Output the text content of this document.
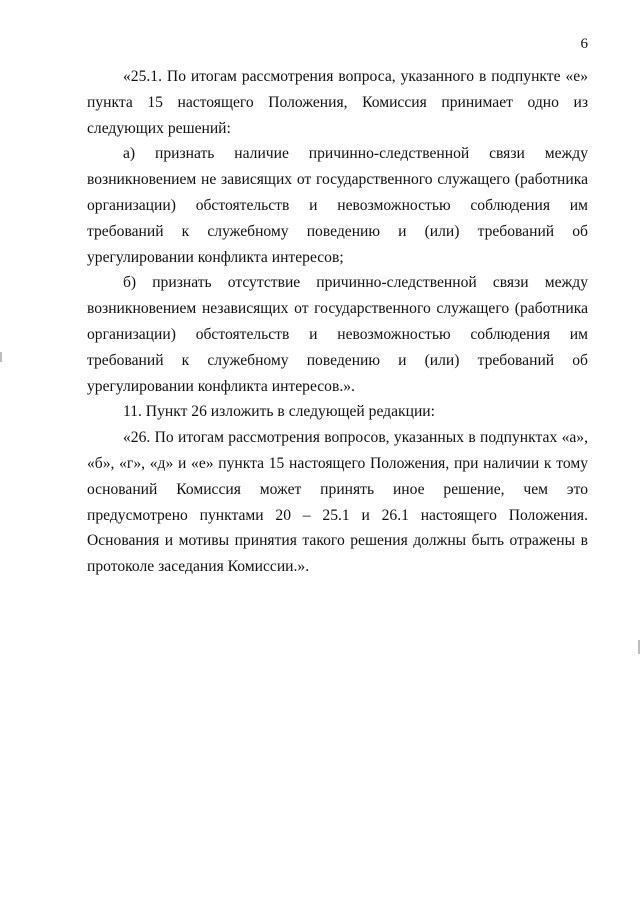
6

«25.1. По итогам рассмотрения вопроса, указанного в подпункте «е» пункта 15 настоящего Положения, Комиссия принимает одно из следующих решений:

а) признать наличие причинно-следственной связи между возникновением не зависящих от государственного служащего (работника организации) обстоятельств и невозможностью соблюдения им требований к служебному поведению и (или) требований об урегулировании конфликта интересов;

б) признать отсутствие причинно-следственной связи между возникновением независящих от государственного служащего (работника организации) обстоятельств и невозможностью соблюдения им требований к служебному поведению и (или) требований об урегулировании конфликта интересов.».

11. Пункт 26 изложить в следующей редакции:

«26. По итогам рассмотрения вопросов, указанных в подпунктах «а», «б», «г», «д» и «е» пункта 15 настоящего Положения, при наличии к тому оснований Комиссия может принять иное решение, чем это предусмотрено пунктами 20 – 25.1 и 26.1 настоящего Положения. Основания и мотивы принятия такого решения должны быть отражены в протоколе заседания Комиссии.».
